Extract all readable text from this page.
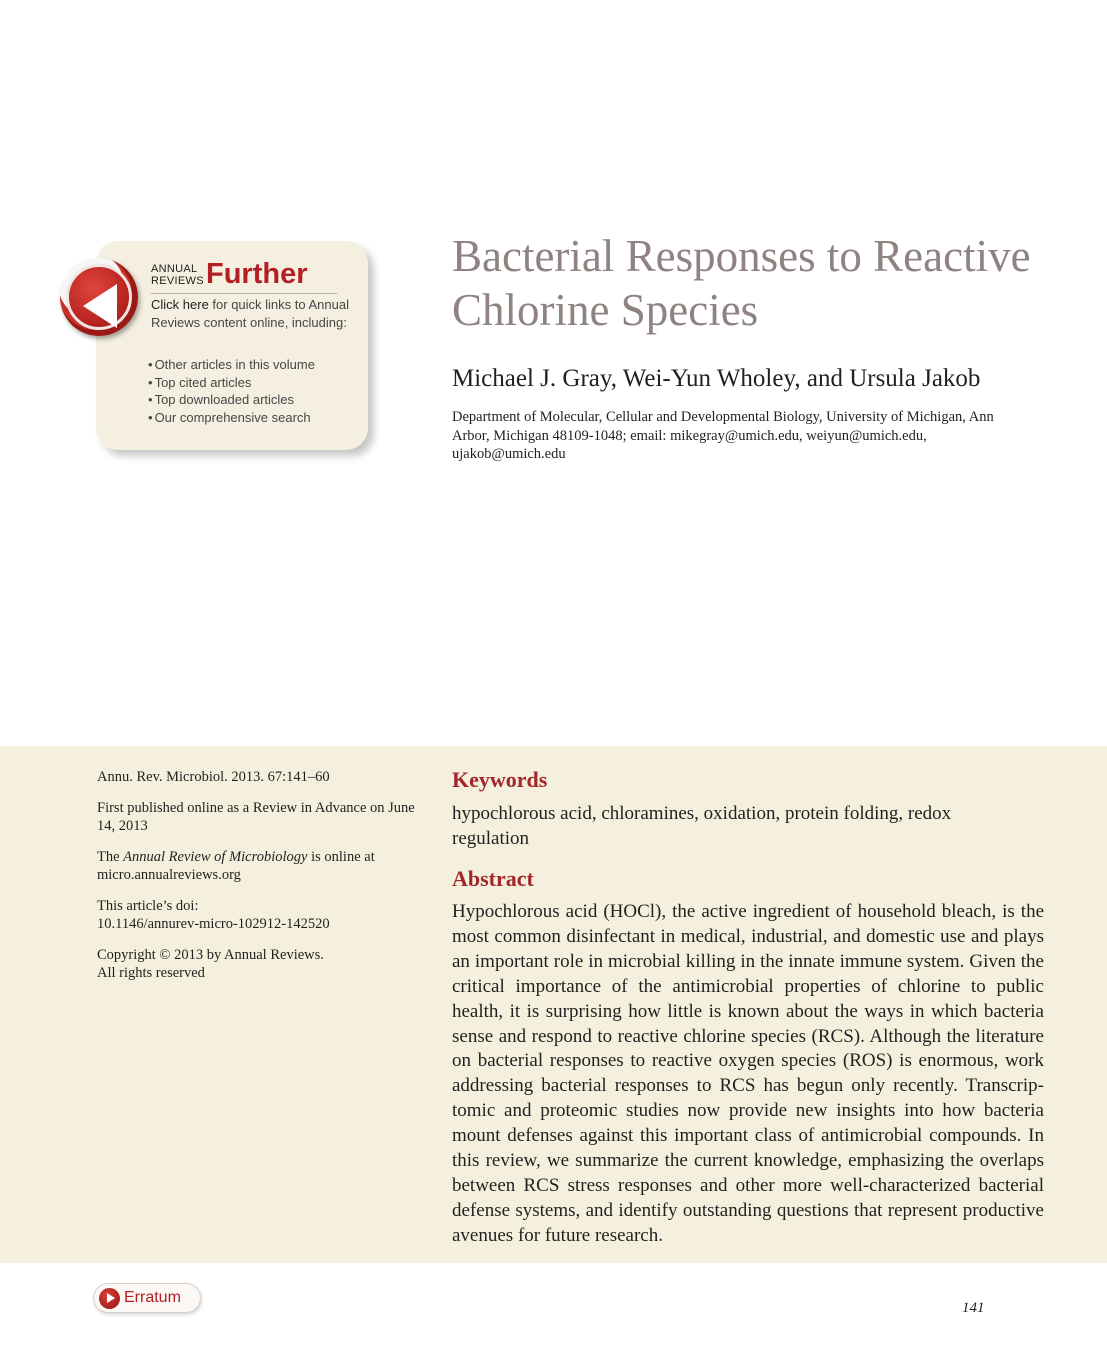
ANNUAL
REVIEWS Further
Click here for quick links to Annual Reviews content online, including:
• Other articles in this volume
• Top cited articles
• Top downloaded articles
• Our comprehensive search
Bacterial Responses to Reactive Chlorine Species
Michael J. Gray, Wei-Yun Wholey, and Ursula Jakob
Department of Molecular, Cellular and Developmental Biology, University of Michigan, Ann Arbor, Michigan 48109-1048; email: mikegray@umich.edu, weiyun@umich.edu, ujakob@umich.edu

Annu. Rev. Microbiol. 2013. 67:141–60

First published online as a Review in Advance on June 14, 2013

The Annual Review of Microbiology is online at micro.annualreviews.org

This article’s doi:
10.1146/annurev-micro-102912-142520

Copyright © 2013 by Annual Reviews.
All rights reserved

Keywords
hypochlorous acid, chloramines, oxidation, protein folding, redox regulation
Abstract
Hypochlorous acid (HOCl), the active ingredient of household bleach, is the most common disinfectant in medical, industrial, and domestic use and plays an important role in microbial killing in the innate immune system. Given the critical importance of the antimicrobial properties of chlorine to public health, it is surprising how little is known about the ways in which bacteria sense and respond to reactive chlorine species (RCS). Although the literature on bacterial responses to reactive oxygen species (ROS) is enormous, work addressing bacterial responses to RCS has begun only recently. Transcriptomic and proteomic studies now provide new insights into how bacteria mount defenses against this important class of antimicrobial compounds. In this review, we summarize the current knowledge, emphasizing the overlaps between RCS stress responses and other more well-characterized bacterial defense systems, and identify outstanding questions that represent productive avenues for future research.
Erratum
141
